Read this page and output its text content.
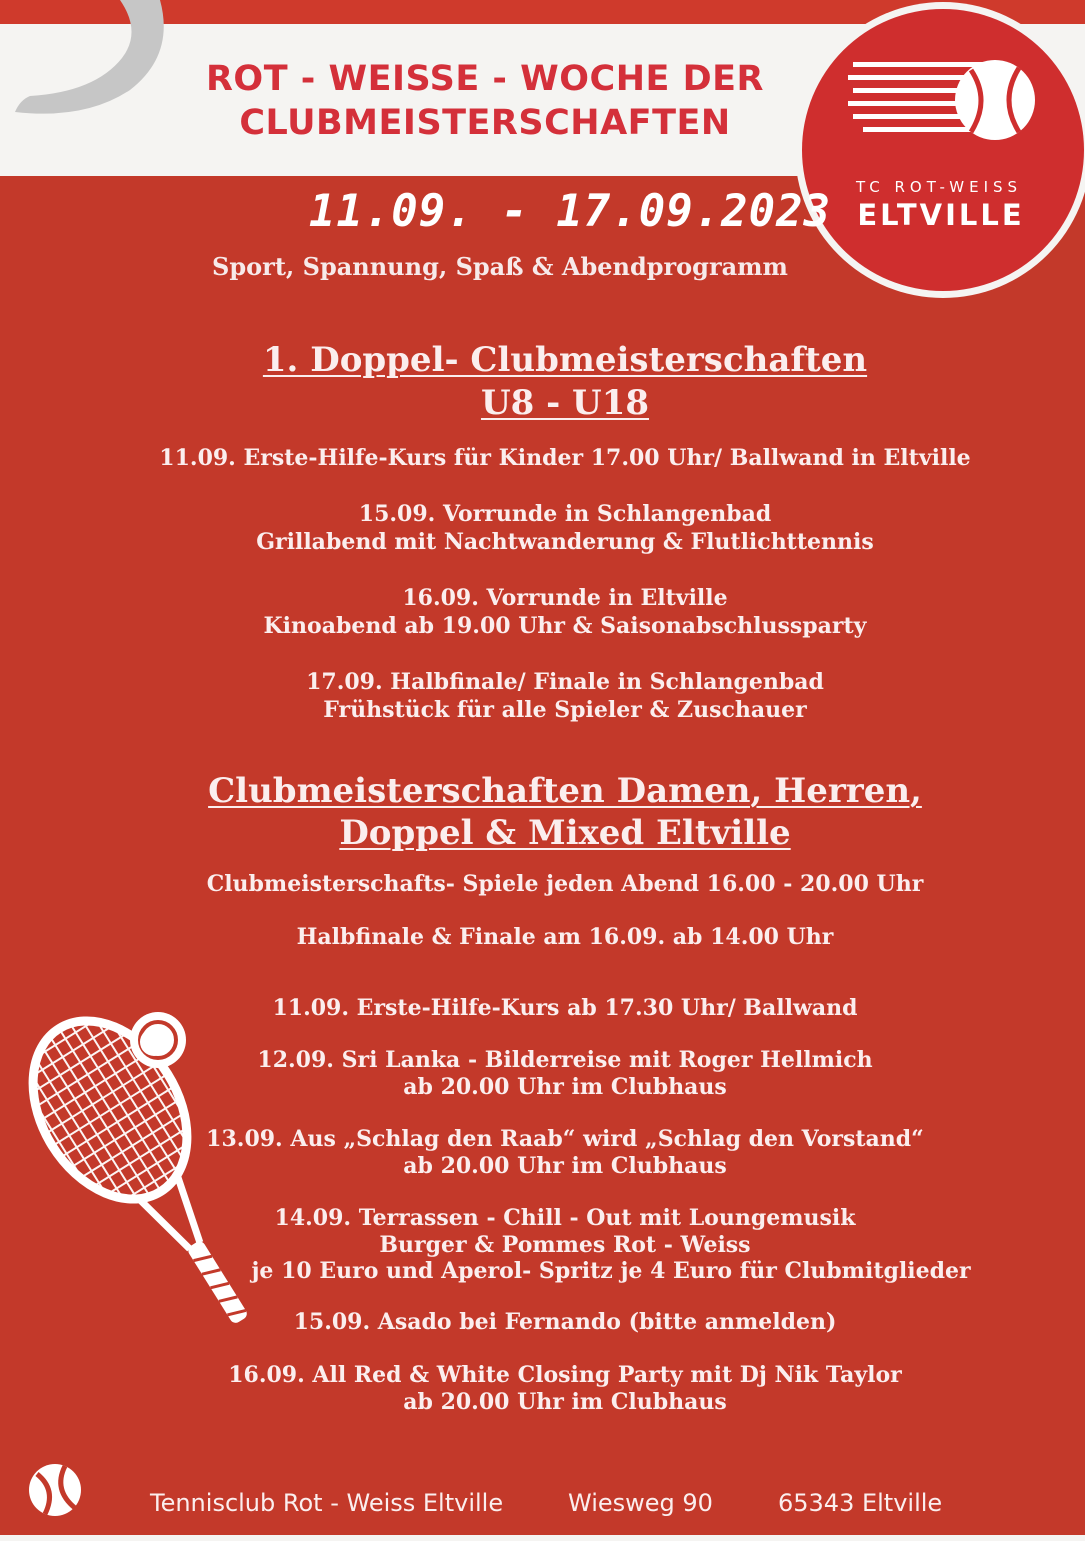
ROT - WEISSE - WOCHE DER
CLUBMEISTERSCHAFTEN
TC ROT-WEISS
ELTVILLE
11.09. - 17.09.2023
Sport, Spannung, Spaß & Abendprogramm
1. Doppel- Clubmeisterschaften
U8 - U18
11.09. Erste-Hilfe-Kurs für Kinder 17.00 Uhr/ Ballwand in Eltville
15.09. Vorrunde in Schlangenbad
Grillabend mit Nachtwanderung & Flutlichttennis
16.09. Vorrunde in Eltville
Kinoabend ab 19.00 Uhr & Saisonabschlussparty
17.09. Halbfinale/ Finale in Schlangenbad
Frühstück für alle Spieler & Zuschauer
Clubmeisterschaften Damen, Herren,
Doppel & Mixed Eltville
Clubmeisterschafts- Spiele jeden Abend 16.00 - 20.00 Uhr
Halbfinale & Finale am 16.09. ab 14.00 Uhr
11.09. Erste-Hilfe-Kurs ab 17.30 Uhr/ Ballwand
12.09. Sri Lanka - Bilderreise mit Roger Hellmich
ab 20.00 Uhr im Clubhaus
13.09. Aus „Schlag den Raab“ wird „Schlag den Vorstand“
ab 20.00 Uhr im Clubhaus
14.09. Terrassen - Chill - Out mit Loungemusik
Burger & Pommes Rot - Weiss
je 10 Euro und Aperol- Spritz je 4 Euro für Clubmitglieder
15.09. Asado bei Fernando (bitte anmelden)
16.09. All Red & White Closing Party mit Dj Nik Taylor
ab 20.00 Uhr im Clubhaus
Tennisclub Rot - Weiss Eltville	Wiesweg 90	65343 Eltville
